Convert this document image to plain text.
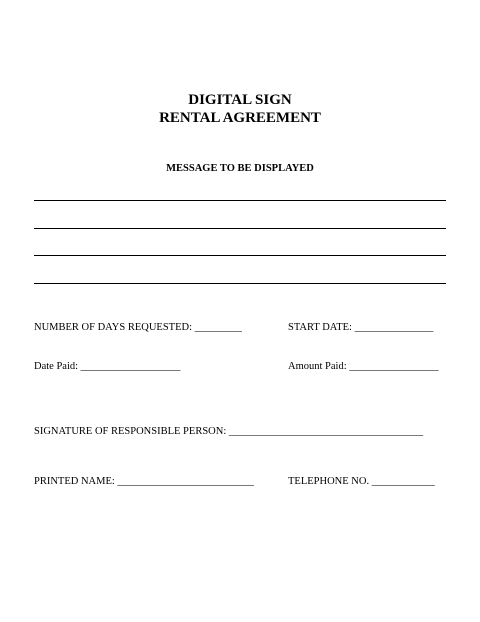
DIGITAL SIGN
RENTAL AGREEMENT
MESSAGE TO BE DISPLAYED
NUMBER OF DAYS REQUESTED: _________	START DATE: _______________
Date Paid: ___________________	Amount Paid: _________________
SIGNATURE OF RESPONSIBLE PERSON: _____________________________________
PRINTED NAME: __________________________	TELEPHONE NO. ____________
